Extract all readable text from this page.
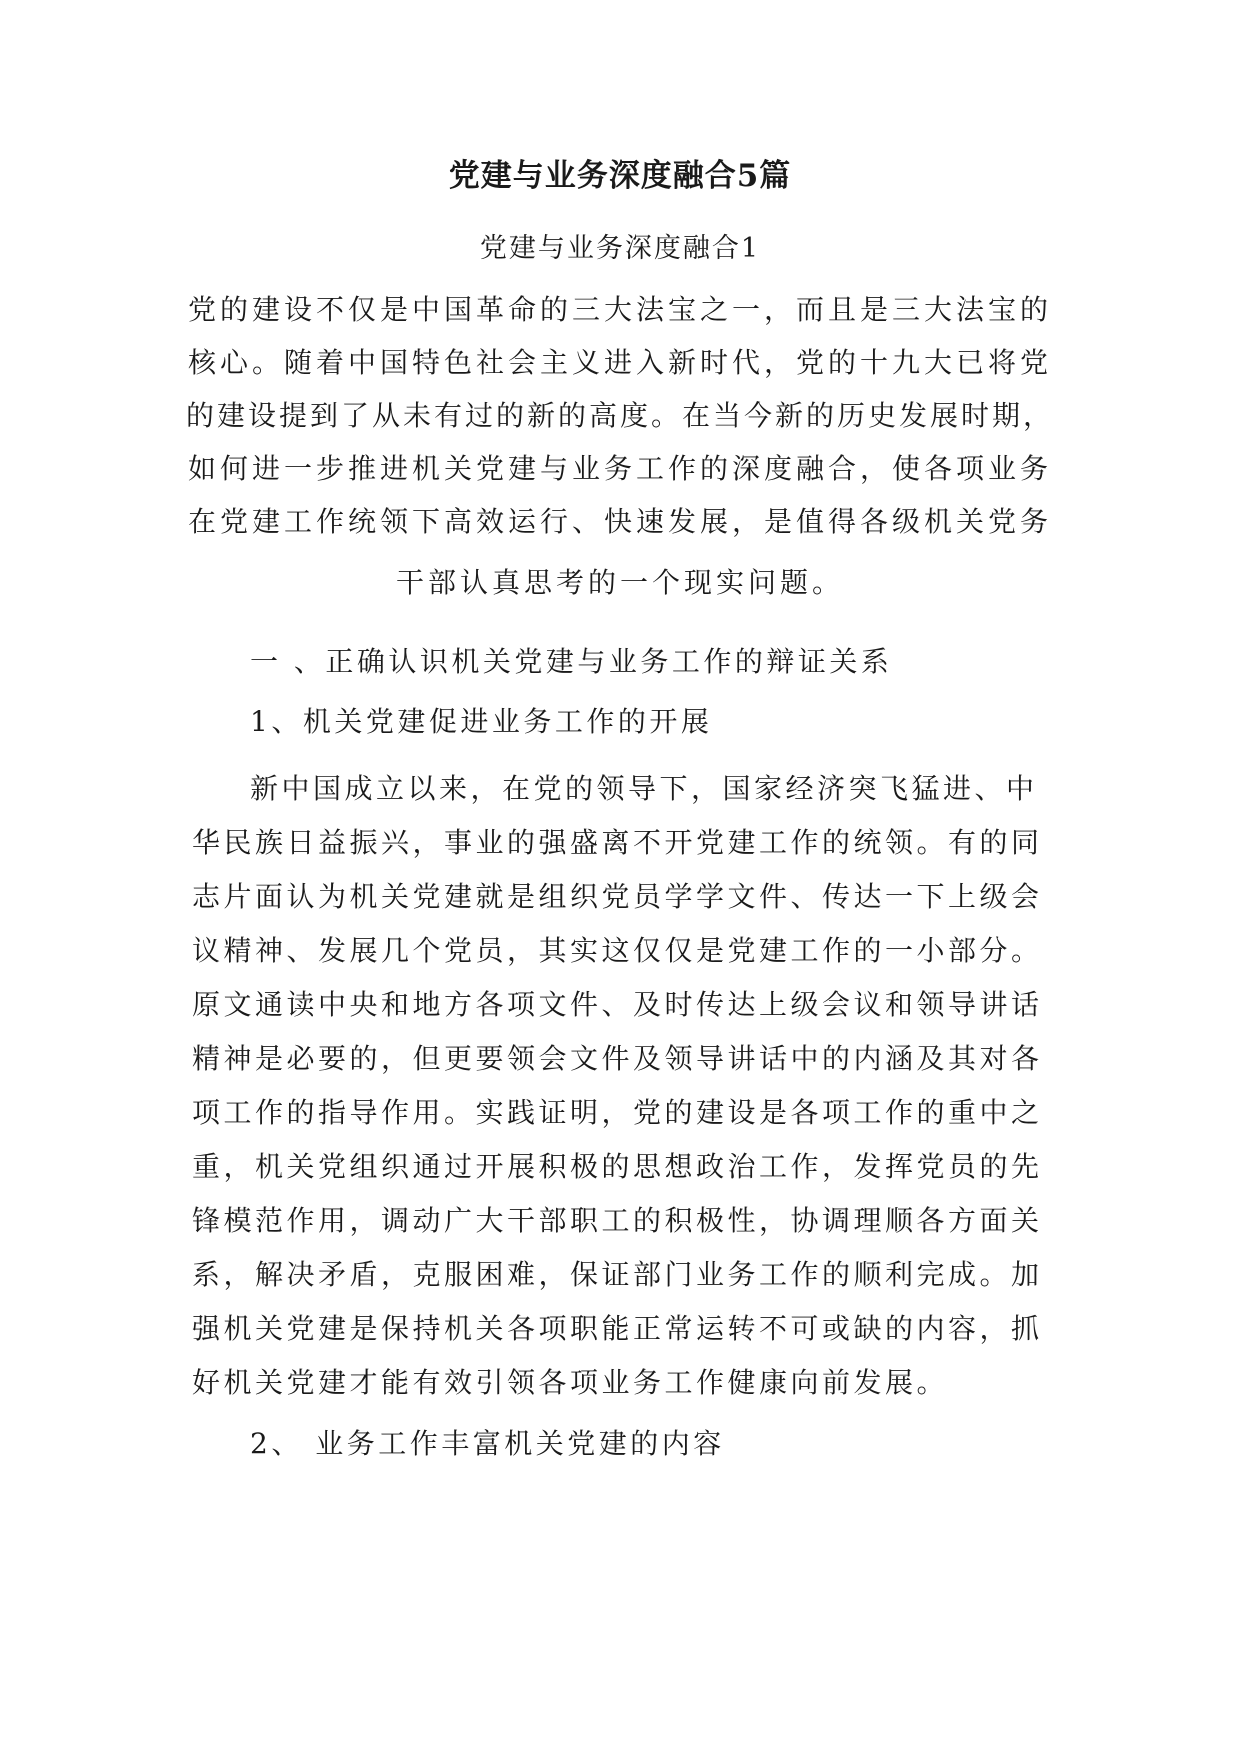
党建与业务深度融合5篇
党建与业务深度融合1

党的建设不仅是中国革命的三大法宝之一，而且是三大法宝的

核心。随着中国特色社会主义进入新时代，党的十九大已将党

的建设提到了从未有过的新的高度。在当今新的历史发展时期，

如何进一步推进机关党建与业务工作的深度融合，使各项业务

在党建工作统领下高效运行、快速发展，是值得各级机关党务

干部认真思考的一个现实问题。

一 、正确认识机关党建与业务工作的辩证关系

1、机关党建促进业务工作的开展

新中国成立以来，在党的领导下，国家经济突飞猛进、中

华民族日益振兴，事业的强盛离不开党建工作的统领。有的同

志片面认为机关党建就是组织党员学学文件、传达一下上级会

议精神、发展几个党员，其实这仅仅是党建工作的一小部分。

原文通读中央和地方各项文件、及时传达上级会议和领导讲话

精神是必要的，但更要领会文件及领导讲话中的内涵及其对各

项工作的指导作用。实践证明，党的建设是各项工作的重中之

重，机关党组织通过开展积极的思想政治工作，发挥党员的先

锋模范作用，调动广大干部职工的积极性，协调理顺各方面关

系，解决矛盾，克服困难，保证部门业务工作的顺利完成。加

强机关党建是保持机关各项职能正常运转不可或缺的内容，抓

好机关党建才能有效引领各项业务工作健康向前发展。

2、 业务工作丰富机关党建的内容
